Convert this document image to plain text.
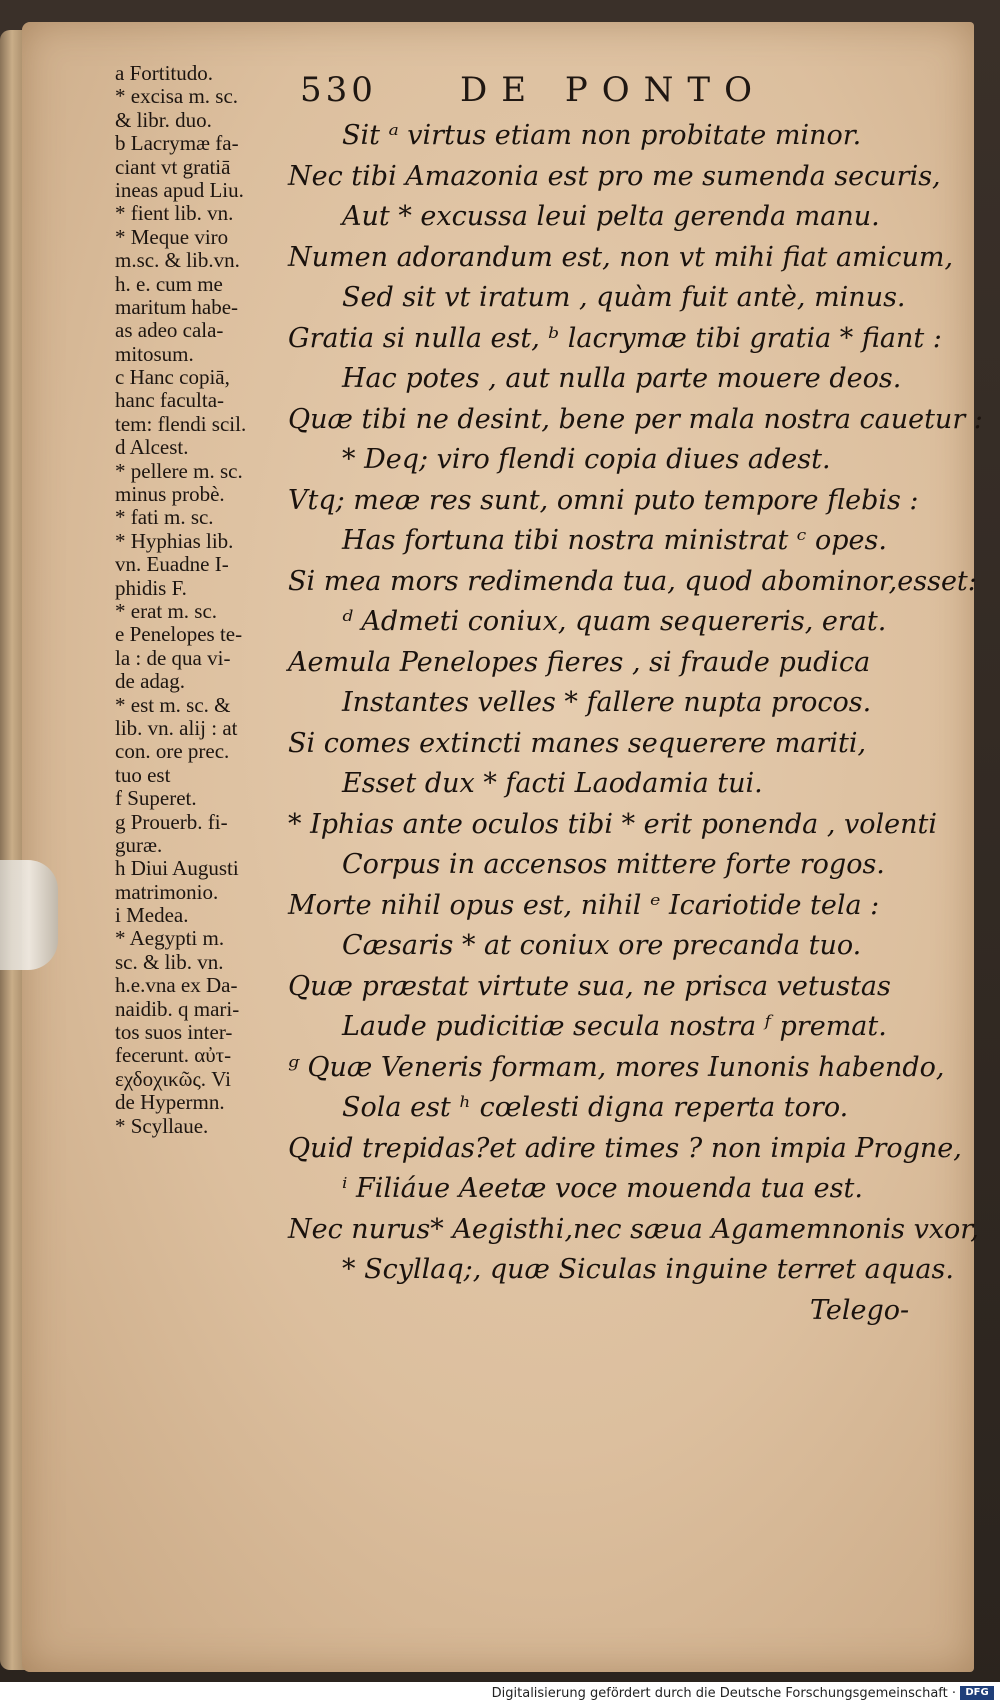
530 DE PONTO
a Fortitudo.
* excisa m. sc.
& libr. duo.
b Lacrymæ fa-
ciant vt gratiā
ineas apud Liu.
* fient lib. vn.
* Meque viro
m.sc. & lib.vn.
h. e. cum me
maritum habe-
as adeo cala-
mitosum.
c Hanc copiā,
hanc faculta-
tem: flendi scil.
d Alcest.
* pellere m. sc.
minus probè.
* fati m. sc.
* Hyphias lib.
vn. Euadne I-
phidis F.
* erat m. sc.
e Penelopes te-
la : de qua vi-
de adag.
* est m. sc. &
lib. vn. alij : at
con. ore prec.
tuo est
f Superet.
g Prouerb. fi-
guræ.
h Diui Augusti
matrimonio.
i Medea.
* Aegypti m.
sc. & lib. vn.
h.e.vna ex Da-
naidib. q mari-
tos suos inter-
fecerunt. αὐτ-
εχδοχικῶς. Vi
de Hypermn.
* Scyllaue.
Sit ᵃ virtus etiam non probitate minor.
Nec tibi Amazonia est pro me sumenda securis,
Aut * excussa leui pelta gerenda manu.
Numen adorandum est, non vt mihi fiat amicum,
Sed sit vt iratum , quàm fuit antè, minus.
Gratia si nulla est, ᵇ lacrymæ tibi gratia * fiant :
Hac potes , aut nulla parte mouere deos.
Quæ tibi ne desint, bene per mala nostra cauetur :
* Deq; viro flendi copia diues adest.
Vtq; meæ res sunt, omni puto tempore flebis :
Has fortuna tibi nostra ministrat ᶜ opes.
Si mea mors redimenda tua, quod abominor,esset:
ᵈ Admeti coniux, quam sequereris, erat.
Aemula Penelopes fieres , si fraude pudica
Instantes velles * fallere nupta procos.
Si comes extincti manes sequerere mariti,
Esset dux * facti Laodamia tui.
* Iphias ante oculos tibi * erit ponenda , volenti
Corpus in accensos mittere forte rogos.
Morte nihil opus est, nihil ᵉ Icariotide tela :
Cæsaris * at coniux ore precanda tuo.
Quæ præstat virtute sua, ne prisca vetustas
Laude pudicitiæ secula nostra ᶠ premat.
ᵍ Quæ Veneris formam, mores Iunonis habendo,
Sola est ʰ cœlesti digna reperta toro.
Quid trepidas?et adire times ? non impia Progne,
ⁱ Filiáue Aeetæ voce mouenda tua est.
Nec nurus* Aegisthi,nec sæua Agamemnonis vxor,
* Scyllaq;, quæ Siculas inguine terret aquas.
Telego-
Digitalisierung gefördert durch die Deutsche Forschungsgemeinschaft · DFG
